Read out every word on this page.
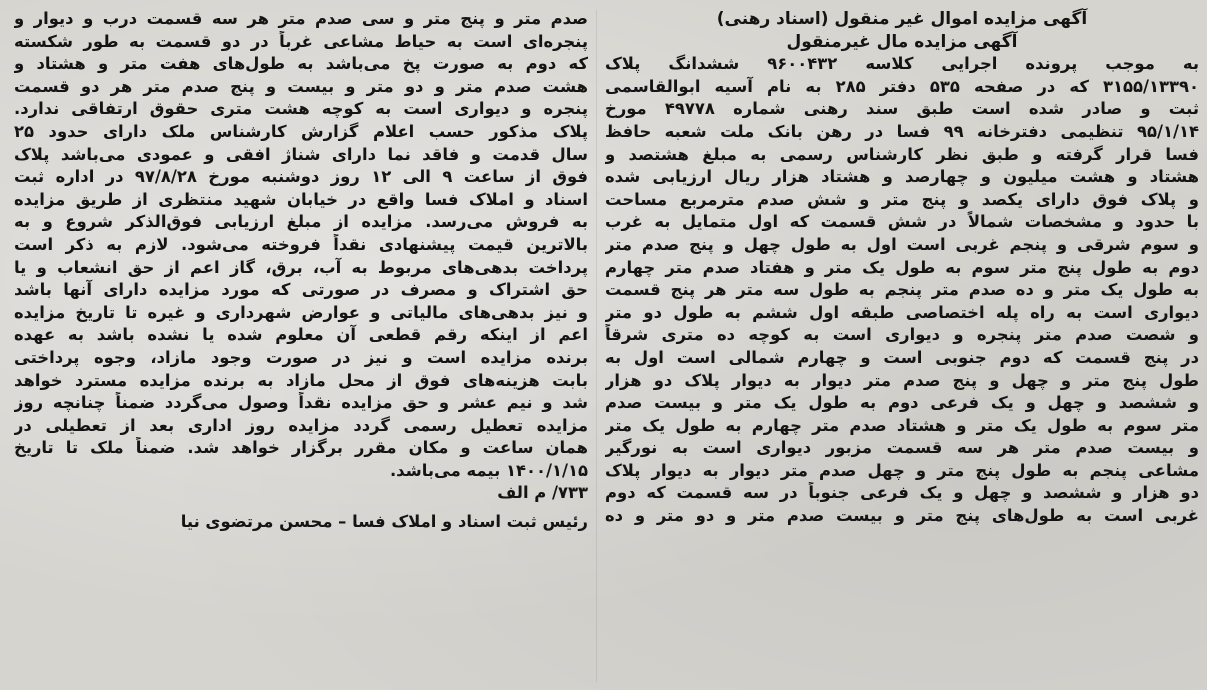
آگهی مزایده اموال غیر منقول (اسناد رهنی)
آگهی مزایده مال غیرمنقول
به موجب پرونده اجرایی کلاسه ۹۶۰۰۴۳۲ ششدانگ پلاک
۳۱۵۵/۱۳۳۹۰ که در صفحه ۵۳۵ دفتر ۲۸۵ به نام آسیه ابوالقاسمی
ثبت و صادر شده است طبق سند رهنی شماره ۴۹۷۷۸ مورخ
۹۵/۱/۱۴ تنظیمی دفترخانه ۹۹ فسا در رهن بانک ملت شعبه حافظ
فسا قرار گرفته و طبق نظر کارشناس رسمی به مبلغ هشتصد و
هشتاد و هشت میلیون و چهارصد و هشتاد هزار ریال ارزیابی شده
و پلاک فوق دارای یکصد و پنج متر و شش صدم مترمربع مساحت
با حدود و مشخصات شمالاً در شش قسمت که اول متمایل به غرب
و سوم شرقی و پنجم غربی است اول به طول چهل و پنج صدم متر
دوم به طول پنج متر سوم به طول یک متر و هفتاد صدم متر چهارم
به طول یک متر و ده صدم متر پنجم به طول سه متر هر پنج قسمت
دیواری است به راه پله اختصاصی طبقه اول ششم به طول دو متر
و شصت صدم متر پنجره و دیواری است به کوچه ده متری شرقاً
در پنج قسمت که دوم جنوبی است و چهارم شمالی است اول به
طول پنج متر و چهل و پنج صدم متر دیوار به دیوار پلاک دو هزار
و ششصد و چهل و یک فرعی دوم به طول یک متر و بیست صدم
متر سوم به طول یک متر و هشتاد صدم متر چهارم به طول یک متر
و بیست صدم متر هر سه قسمت مزبور دیواری است به نورگیر
مشاعی پنجم به طول پنج متر و چهل صدم متر دیوار به دیوار پلاک
دو هزار و ششصد و چهل و یک فرعی جنوباً در سه قسمت که دوم
غربی است به طول‌های پنج متر و بیست صدم متر و دو متر و ده
صدم متر و پنج متر و سی صدم متر هر سه قسمت درب و دیوار و
پنجره‌ای است به حیاط مشاعی غرباً در دو قسمت به طور شکسته
که دوم به صورت پخ می‌باشد به طول‌های هفت متر و هشتاد و
هشت صدم متر و دو متر و بیست و پنج صدم متر هر دو قسمت
پنجره و دیواری است به کوچه هشت متری حقوق ارتفاقی ندارد.
پلاک مذکور حسب اعلام گزارش کارشناس ملک دارای حدود ۲۵
سال قدمت و فاقد نما دارای شناژ افقی و عمودی می‌باشد پلاک
فوق از ساعت ۹ الی ۱۲ روز دوشنبه مورخ ۹۷/۸/۲۸ در اداره ثبت
اسناد و املاک فسا واقع در خیابان شهید منتظری از طریق مزایده
به فروش می‌رسد. مزایده از مبلغ ارزیابی فوق‌الذکر شروع و به
بالاترین قیمت پیشنهادی نقداً فروخته می‌شود. لازم به ذکر است
پرداخت بدهی‌های مربوط به آب، برق، گاز اعم از حق انشعاب و یا
حق اشتراک و مصرف در صورتی که مورد مزایده دارای آنها باشد
و نیز بدهی‌های مالیاتی و عوارض شهرداری و غیره تا تاریخ مزایده
اعم از اینکه رقم قطعی آن معلوم شده یا نشده باشد به عهده
برنده مزایده است و نیز در صورت وجود مازاد، وجوه پرداختی
بابت هزینه‌های فوق از محل مازاد به برنده مزایده مسترد خواهد
شد و نیم عشر و حق مزایده نقداً وصول می‌گردد ضمناً چنانچه روز
مزایده تعطیل رسمی گردد مزایده روز اداری بعد از تعطیلی در
همان ساعت و مکان مقرر برگزار خواهد شد. ضمناً ملک تا تاریخ
۱۴۰۰/۱/۱۵ بیمه می‌باشد.
۷۳۳/ م الف
رئیس ثبت اسناد و املاک فسا – محسن مرتضوی نیا
